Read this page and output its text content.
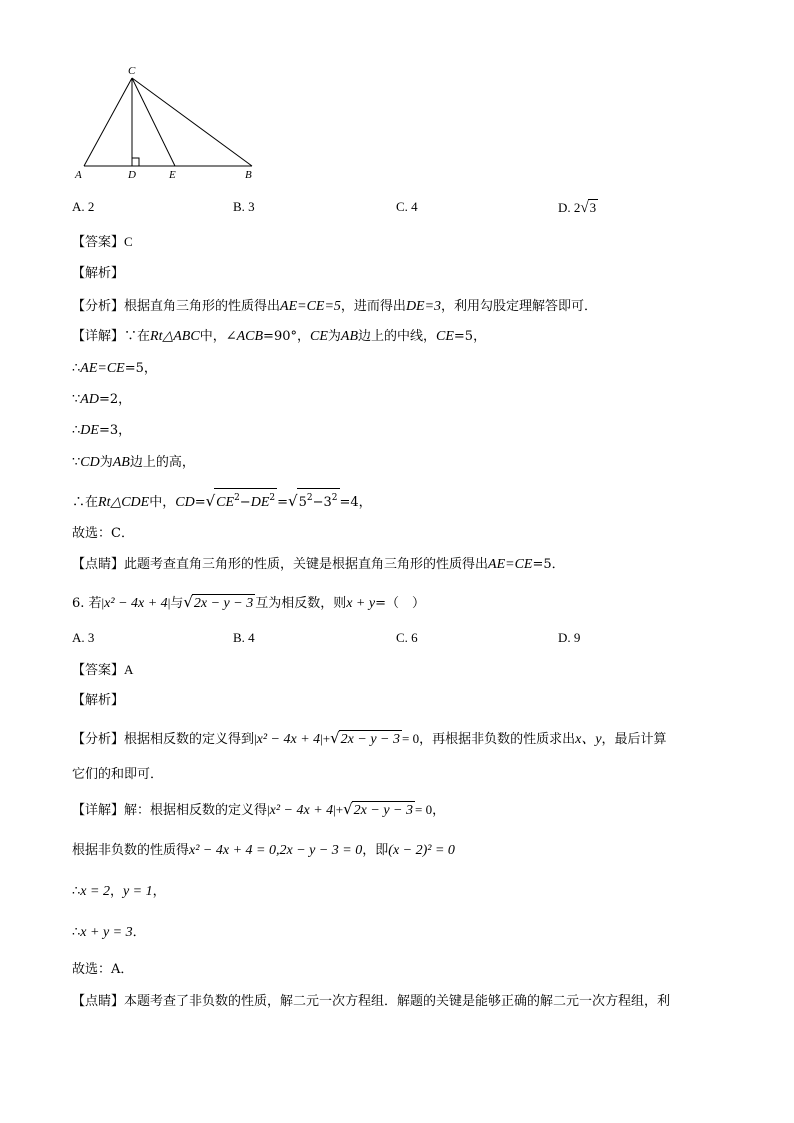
C
A	D	E	B
A. 2	B. 3	C. 4	D. 2√3
【答案】C
【解析】
【分析】根据直角三角形的性质得出AE=CE=5，进而得出DE=3，利用勾股定理解答即可．
【详解】∵在Rt△ABC中，∠ACB=90°，CE为AB边上的中线，CE=5，
∴AE=CE=5，
∵AD=2，
∴DE=3，
∵CD为AB边上的高，
∴在Rt△CDE中，$CD=√CE^2-DE^2 =√5^2-3^2 =4$，
故选：C．
【点睛】此题考查直角三角形的性质，关键是根据直角三角形的性质得出AE=CE=5．
6. 若|x² − 4x + 4|与√2x − y − 3 互为相反数，则x + y=（　）
A. 3	B. 4	C. 6	D. 9
【答案】A
【解析】
【分析】根据相反数的定义得到|x² − 4x + 4|+√2x − y − 3 = 0，再根据非负数的性质求出x、y，最后计算
它们的和即可．
【详解】解：根据相反数的定义得|x² − 4x + 4|+√2x − y − 3 = 0，
根据非负数的性质得x² − 4x + 4 = 0,2x − y − 3 = 0，即(x − 2)² = 0
∴x = 2，y = 1，
∴x + y = 3．
故选：A．
【点睛】本题考查了非负数的性质，解二元一次方程组．解题的关键是能够正确的解二元一次方程组，利
